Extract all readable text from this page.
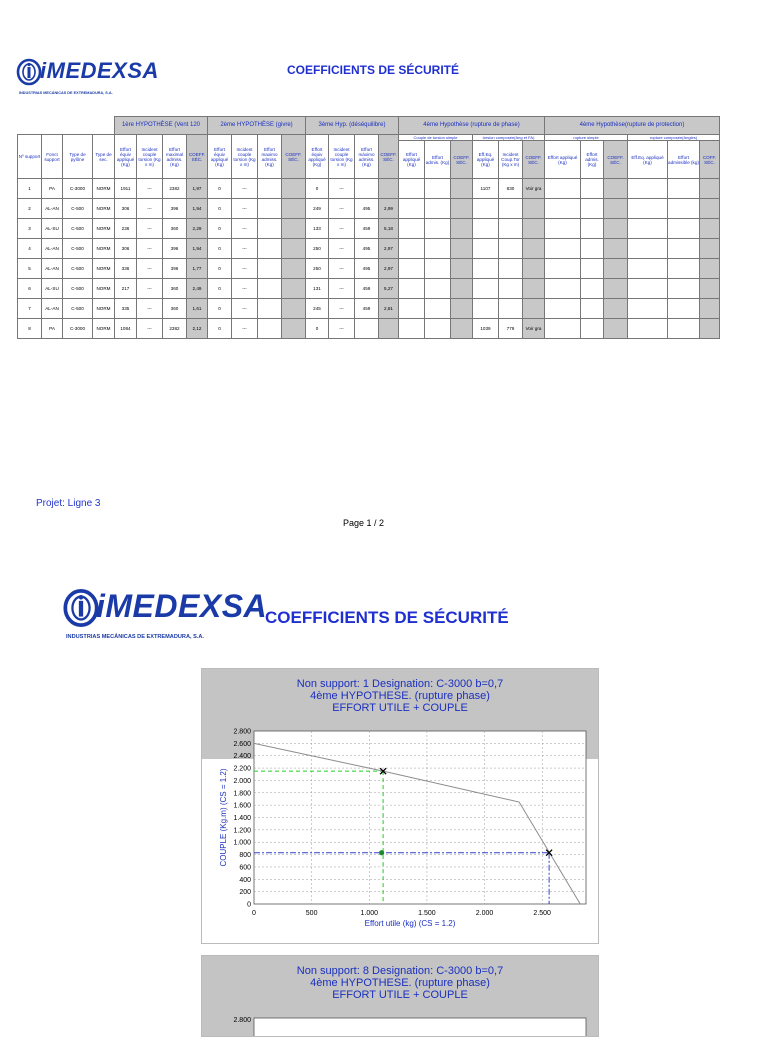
iMEDEXSA
INDUSTRIAS MECÁNICAS DE EXTREMADURA, S.A.
COEFFICIENTS DE SÉCURITÉ
				1ère HYPOTHÈSE (Vent 120				2ème HYPOTHÈSE (givre)				3ème Hyp. (déséquilibre)				4ème Hypothèse (rupture de phase)						4ème Hypothèse(rupture de protection)					
Nº support	Fonct support	Type de pylône	Type de sec.	Effort équiv appliqué (Kg)	Incident couple torsion (Kg x m)	Effort maximal admiss. (Kg)	COEFF. SÉC.	Effort équiv appliqué (Kg)	Incident couple torsion (Kg x m)	Effort maximo admiss. (Kg)	COEFF. SÉC.	Effort équiv appliqué (Kg)	Incident couple torsion (Kg x m)	Effort máximo admiss. (Kg)	COEFF. SÉC.	Couple de torsion simple			torsion composée(Ang et FA)			rupture simple			rupture composée(Angles)		
																Effort appliqué (Kg)	Effort admis. (Kg)	COEFF. SÉC.	Eff.Eq. appliqué (Kg)	Incident Coup.Tor (Kg x m)	COEFF. SÉC.	Effort appliqué (Kg)	Effort admis. (Kg)	COEFF. SÉC.	Eff.Eq. appliqué (Kg)	Effort admissible (kg)	COFF. SÉC.
1	PA	C-3000	NORM	1911	---	2382	1,97	0	---			0	---						1107	830	Voir gra						
2	AL-AN	C-500	NORM	306	---	396	1,94	0	---			249	---	495	2,99												
3	AL-SU	C-500	NORM	236	---	360	2,29	0	---			133	---	459	5,18												
4	AL-AN	C-500	NORM	306	---	396	1,94	0	---			250	---	495	2,97												
5	AL-AN	C-500	NORM	336	---	396	1,77	0	---			250	---	495	2,97												
6	AL-SU	C-500	NORM	217	---	360	2,49	0	---			131	---	459	5,27												
7	AL-AN	C-500	NORM	335	---	360	1,61	0	---			245	---	459	2,81												
8	PA	C-3000	NORM	1084	---	2382	2,12	0	---			0	---						1039	779	Voir gra						
Projet: Ligne 3
Page 1 / 2
iMEDEXSA
INDUSTRIAS MECÁNICAS DE EXTREMADURA, S.A.
COEFFICIENTS DE SÉCURITÉ
Non support: 1 Designation: C-3000 b=0,7
4ème HYPOTHESE. (rupture phase)
EFFORT UTILE + COUPLE
0
200
400
600
800
1.000
1.200
1.400
1.600
1.800
2.000
2.200
2.400
2.600
2.800
0	500	1.000	1.500	2.000	2.500
Effort utile (kg) (CS = 1.2)
COUPLE (Kg.m) (CS = 1.2)
Non support: 8 Designation: C-3000 b=0,7
4ème HYPOTHESE. (rupture phase)
EFFORT UTILE + COUPLE
2.800
